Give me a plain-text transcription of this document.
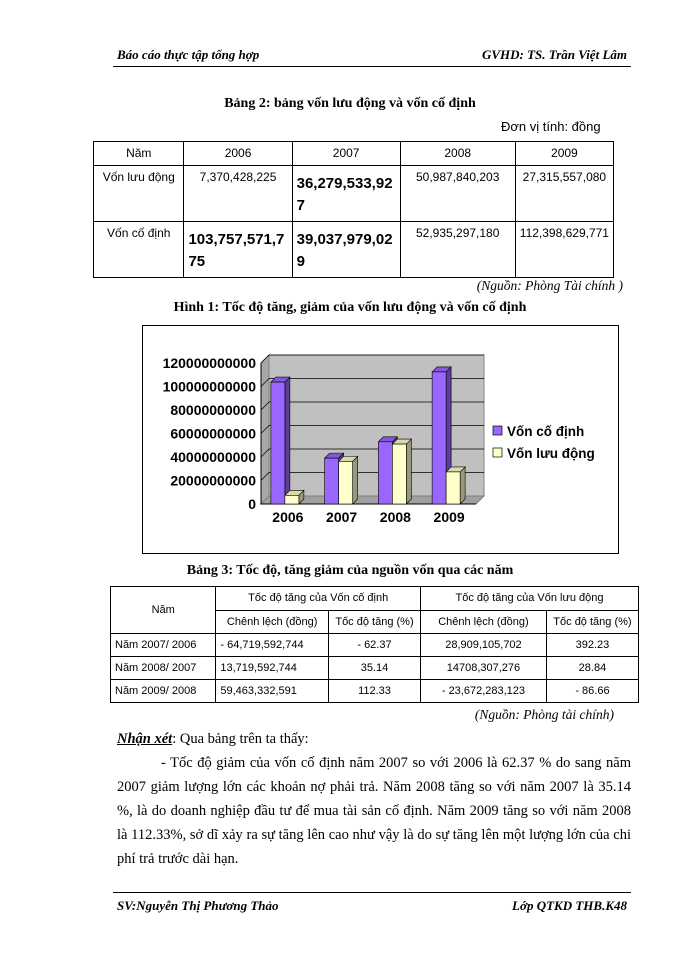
Báo cáo thực tập tổng hợp	GVHD: TS. Trần Việt Lâm
Bảng 2: bảng vốn lưu động và vốn cố định
Đơn vị tính: đồng
Năm	2006	2007	2008	2009
Vốn lưu động	7,370,428,225	36,279,533,927	50,987,840,203	27,315,557,080
Vốn cố định	103,757,571,775	39,037,979,029	52,935,297,180	112,398,629,771
(Nguồn: Phòng Tài chính )
Hình 1: Tốc độ tăng, giảm của vốn lưu động và vốn cố định
0
20000000000
40000000000
60000000000
80000000000
100000000000
120000000000
2006 2007 2008 2009
Vốn cố định
Vốn lưu động
Bảng 3: Tốc độ, tăng giảm của nguồn vốn qua các năm
Năm	Tốc độ tăng của Vốn cố định		Tốc độ tăng của Vốn lưu động	
	Chênh lệch (đồng)	Tốc độ tăng (%)	Chênh lệch (đồng)	Tốc độ tăng (%)
Năm 2007/ 2006	- 64,719,592,744	- 62.37	28,909,105,702	392.23
Năm 2008/ 2007	13,719,592,744	35.14	14708,307,276	28.84
Năm 2009/ 2008	59,463,332,591	112.33	- 23,672,283,123	- 86.66
(Nguồn: Phòng tài chính)
Nhận xét: Qua bảng trên ta thấy:
- Tốc độ giảm của vốn cố định năm 2007 so với 2006 là 62.37 % do sang năm 2007 giảm lượng lớn các khoản nợ phải trả. Năm 2008 tăng so với năm 2007 là 35.14 %, là do doanh nghiệp đầu tư để mua tài sản cố định. Năm 2009 tăng so với năm 2008 là 112.33%, sở dĩ xảy ra sự tăng lên cao như vậy là do sự tăng lên một lượng lớn của chi phí trả trước dài hạn.
SV:Nguyễn Thị Phương Thảo	Lớp QTKD THB.K48
